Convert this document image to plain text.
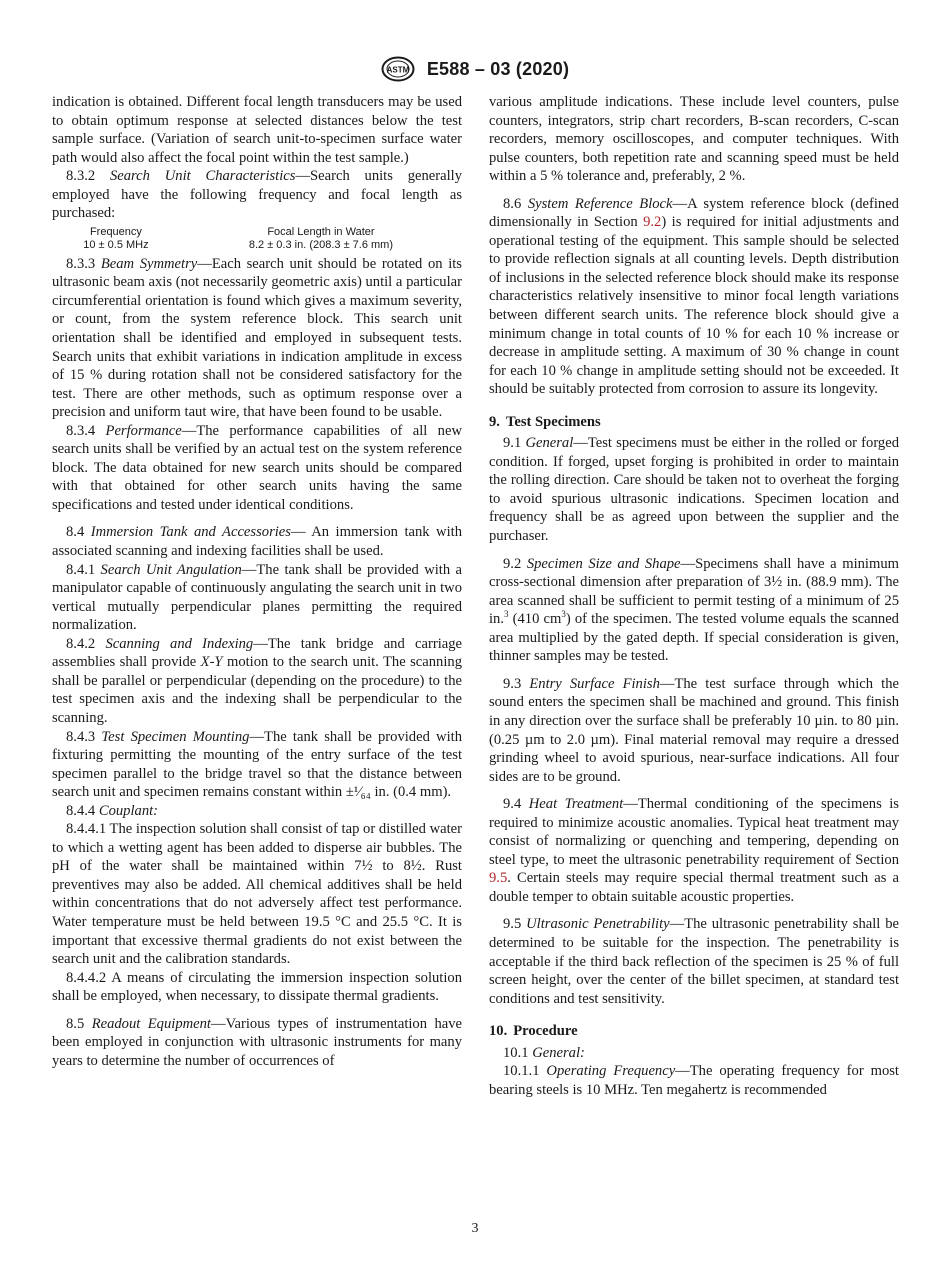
ASTM E588 – 03 (2020)

indication is obtained. Different focal length transducers may be used to obtain optimum response at selected distances below the test sample surface. (Variation of search unit-to-specimen surface water path would also affect the focal point within the test sample.)

8.3.2 Search Unit Characteristics—Search units generally employed have the following frequency and focal length as purchased:

Frequency	Focal Length in Water
10 ± 0.5 MHz	8.2 ± 0.3 in. (208.3 ± 7.6 mm)

8.3.3 Beam Symmetry—Each search unit should be rotated on its ultrasonic beam axis (not necessarily geometric axis) until a particular circumferential orientation is found which gives a maximum severity, or count, from the system reference block. This search unit orientation shall be identified and employed in subsequent tests. Search units that exhibit variations in indication amplitude in excess of 15 % during rotation shall not be considered satisfactory for the test. There are other methods, such as optimum response over a precision and uniform taut wire, that have been found to be usable.

8.3.4 Performance—The performance capabilities of all new search units shall be verified by an actual test on the system reference block. The data obtained for new search units should be compared with that obtained for other search units having the same specifications and tested under identical conditions.

8.4 Immersion Tank and Accessories— An immersion tank with associated scanning and indexing facilities shall be used.

8.4.1 Search Unit Angulation—The tank shall be provided with a manipulator capable of continuously angulating the search unit in two vertical mutually perpendicular planes permitting the required normalization.

8.4.2 Scanning and Indexing—The tank bridge and carriage assemblies shall provide X-Y motion to the search unit. The scanning shall be parallel or perpendicular (depending on the procedure) to the test specimen axis and the indexing shall be perpendicular to the scanning.

8.4.3 Test Specimen Mounting—The tank shall be provided with fixturing permitting the mounting of the entry surface of the test specimen parallel to the bridge travel so that the distance between search unit and specimen remains constant within ±¹⁄₆₄ in. (0.4 mm).

8.4.4 Couplant:

8.4.4.1 The inspection solution shall consist of tap or distilled water to which a wetting agent has been added to disperse air bubbles. The pH of the water shall be maintained within 7½ to 8½. Rust preventives may also be added. All chemical additives shall be held within concentrations that do not adversely affect test performance. Water temperature must be held between 19.5 °C and 25.5 °C. It is important that excessive thermal gradients do not exist between the search unit and the calibration standards.

8.4.4.2 A means of circulating the immersion inspection solution shall be employed, when necessary, to dissipate thermal gradients.

8.5 Readout Equipment—Various types of instrumentation have been employed in conjunction with ultrasonic instruments for many years to determine the number of occurrences of

various amplitude indications. These include level counters, pulse counters, integrators, strip chart recorders, B-scan recorders, C-scan recorders, memory oscilloscopes, and computer techniques. With pulse counters, both repetition rate and scanning speed must be held within a 5 % tolerance and, preferably, 2 %.

8.6 System Reference Block—A system reference block (defined dimensionally in Section 9.2) is required for initial adjustments and operational testing of the equipment. This sample should be selected to provide reflection signals at all counting levels. Depth distribution of inclusions in the selected reference block should make its response characteristics relatively insensitive to minor focal length variations between different search units. The reference block should give a minimum change in total counts of 10 % for each 10 % increase or decrease in amplitude setting. A maximum of 30 % change in count for each 10 % change in amplitude setting should not be exceeded. It should be suitably protected from corrosion to assure its longevity.

9. Test Specimens

9.1 General—Test specimens must be either in the rolled or forged condition. If forged, upset forging is prohibited in order to maintain the rolling direction. Care should be taken not to overheat the forging to avoid spurious ultrasonic indications. Specimen location and frequency shall be as agreed upon between the supplier and the purchaser.

9.2 Specimen Size and Shape—Specimens shall have a minimum cross-sectional dimension after preparation of 3½ in. (88.9 mm). The area scanned shall be sufficient to permit testing of a minimum of 25 in.$^3$ (410 $cm^3$) of the specimen. The tested volume equals the scanned area multiplied by the gated depth. If special consideration is given, thinner samples may be tested.

9.3 Entry Surface Finish—The test surface through which the sound enters the specimen shall be machined and ground. This finish in any direction over the surface shall be preferably 10 µin. to 80 µin. (0.25 µm to 2.0 µm). Final material removal may require a dressed grinding wheel to avoid spurious, near-surface indications. All four sides are to be ground.

9.4 Heat Treatment—Thermal conditioning of the specimens is required to minimize acoustic anomalies. Typical heat treatment may consist of normalizing or quenching and tempering, depending on steel type, to meet the ultrasonic penetrability requirement of Section 9.5. Certain steels may require special thermal treatment such as a double temper to obtain suitable acoustic properties.

9.5 Ultrasonic Penetrability—The ultrasonic penetrability shall be determined to be suitable for the inspection. The penetrability is acceptable if the third back reflection of the specimen is 25 % of full screen height, over the center of the billet specimen, at standard test conditions and test sensitivity.

10. Procedure

10.1 General:

10.1.1 Operating Frequency—The operating frequency for most bearing steels is 10 MHz. Ten megahertz is recommended

3
